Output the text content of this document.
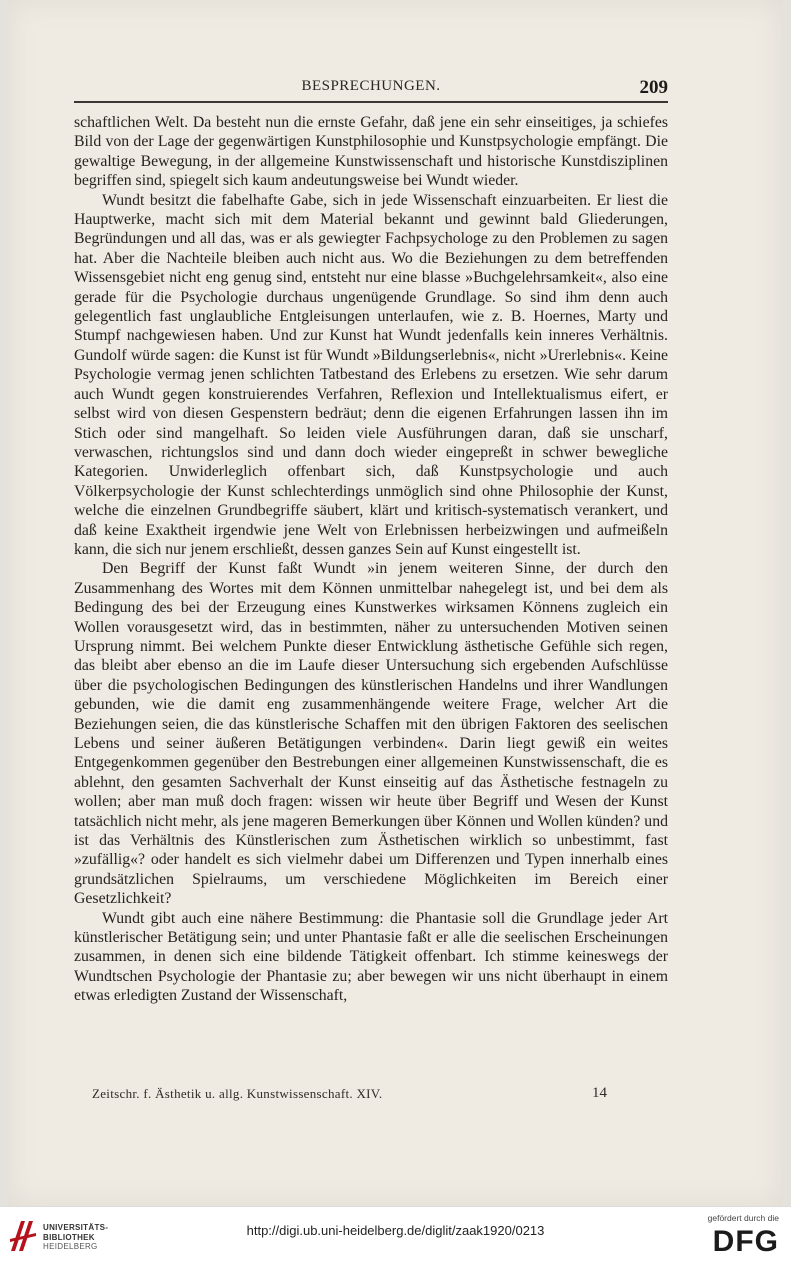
BESPRECHUNGEN.	209

schaftlichen Welt. Da besteht nun die ernste Gefahr, daß jene ein sehr einseitiges, ja schiefes Bild von der Lage der gegenwärtigen Kunstphilosophie und Kunstpsychologie empfängt. Die gewaltige Bewegung, in der allgemeine Kunstwissenschaft und historische Kunstdisziplinen begriffen sind, spiegelt sich kaum andeutungsweise bei Wundt wieder.

Wundt besitzt die fabelhafte Gabe, sich in jede Wissenschaft einzuarbeiten. Er liest die Hauptwerke, macht sich mit dem Material bekannt und gewinnt bald Gliederungen, Begründungen und all das, was er als gewiegter Fachpsychologe zu den Problemen zu sagen hat. Aber die Nachteile bleiben auch nicht aus. Wo die Beziehungen zu dem betreffenden Wissensgebiet nicht eng genug sind, entsteht nur eine blasse »Buchgelehrsamkeit«, also eine gerade für die Psychologie durchaus ungenügende Grundlage. So sind ihm denn auch gelegentlich fast unglaubliche Entgleisungen unterlaufen, wie z. B. Hoernes, Marty und Stumpf nachgewiesen haben. Und zur Kunst hat Wundt jedenfalls kein inneres Verhältnis. Gundolf würde sagen: die Kunst ist für Wundt »Bildungserlebnis«, nicht »Urerlebnis«. Keine Psychologie vermag jenen schlichten Tatbestand des Erlebens zu ersetzen. Wie sehr darum auch Wundt gegen konstruierendes Verfahren, Reflexion und Intellektualismus eifert, er selbst wird von diesen Gespenstern bedräut; denn die eigenen Erfahrungen lassen ihn im Stich oder sind mangelhaft. So leiden viele Ausführungen daran, daß sie unscharf, verwaschen, richtungslos sind und dann doch wieder eingepreßt in schwer bewegliche Kategorien. Unwiderleglich offenbart sich, daß Kunstpsychologie und auch Völkerpsychologie der Kunst schlechterdings unmöglich sind ohne Philosophie der Kunst, welche die einzelnen Grundbegriffe säubert, klärt und kritisch-systematisch verankert, und daß keine Exaktheit irgendwie jene Welt von Erlebnissen herbeizwingen und aufmeißeln kann, die sich nur jenem erschließt, dessen ganzes Sein auf Kunst eingestellt ist.

Den Begriff der Kunst faßt Wundt »in jenem weiteren Sinne, der durch den Zusammenhang des Wortes mit dem Können unmittelbar nahegelegt ist, und bei dem als Bedingung des bei der Erzeugung eines Kunstwerkes wirksamen Könnens zugleich ein Wollen vorausgesetzt wird, das in bestimmten, näher zu untersuchenden Motiven seinen Ursprung nimmt. Bei welchem Punkte dieser Entwicklung ästhetische Gefühle sich regen, das bleibt aber ebenso an die im Laufe dieser Untersuchung sich ergebenden Aufschlüsse über die psychologischen Bedingungen des künstlerischen Handelns und ihrer Wandlungen gebunden, wie die damit eng zusammenhängende weitere Frage, welcher Art die Beziehungen seien, die das künstlerische Schaffen mit den übrigen Faktoren des seelischen Lebens und seiner äußeren Betätigungen verbinden«. Darin liegt gewiß ein weites Entgegenkommen gegenüber den Bestrebungen einer allgemeinen Kunstwissenschaft, die es ablehnt, den gesamten Sachverhalt der Kunst einseitig auf das Ästhetische festnageln zu wollen; aber man muß doch fragen: wissen wir heute über Begriff und Wesen der Kunst tatsächlich nicht mehr, als jene mageren Bemerkungen über Können und Wollen künden? und ist das Verhältnis des Künstlerischen zum Ästhetischen wirklich so unbestimmt, fast »zufällig«? oder handelt es sich vielmehr dabei um Differenzen und Typen innerhalb eines grundsätzlichen Spielraums, um verschiedene Möglichkeiten im Bereich einer Gesetzlichkeit?

Wundt gibt auch eine nähere Bestimmung: die Phantasie soll die Grundlage jeder Art künstlerischer Betätigung sein; und unter Phantasie faßt er alle die seelischen Erscheinungen zusammen, in denen sich eine bildende Tätigkeit offenbart. Ich stimme keineswegs der Wundtschen Psychologie der Phantasie zu; aber bewegen wir uns nicht überhaupt in einem etwas erledigten Zustand der Wissenschaft,

Zeitschr. f. Ästhetik u. allg. Kunstwissenschaft. XIV.	14
UNIVERSITÄTS-
BIBLIOTHEK
HEIDELBERG
http://digi.ub.uni-heidelberg.de/diglit/zaak1920/0213
gefördert durch die
DFG
